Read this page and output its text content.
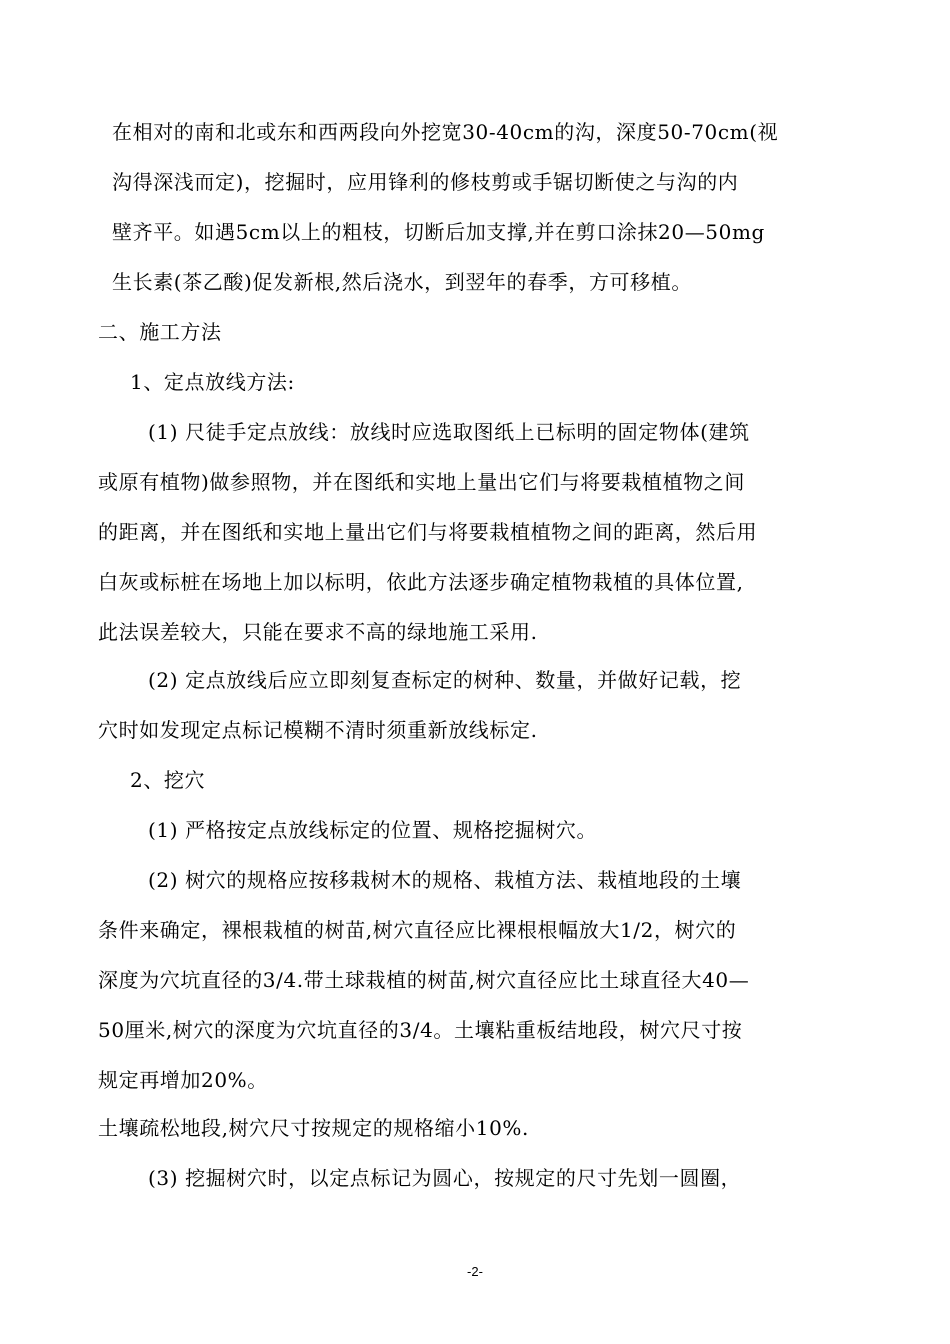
在相对的南和北或东和西两段向外挖宽30-40cm的沟，深度50-70cm(视
沟得深浅而定)，挖掘时，应用锋利的修枝剪或手锯切断使之与沟的内
壁齐平。如遇5cm以上的粗枝，切断后加支撑,并在剪口涂抹20—50mg
生长素(茶乙酸)促发新根,然后浇水，到翌年的春季，方可移植。
二、施工方法
1、定点放线方法:
(1) 尺徒手定点放线：放线时应选取图纸上已标明的固定物体(建筑
或原有植物)做参照物，并在图纸和实地上量出它们与将要栽植植物之间
的距离，并在图纸和实地上量出它们与将要栽植植物之间的距离，然后用
白灰或标桩在场地上加以标明，依此方法逐步确定植物栽植的具体位置,
此法误差较大，只能在要求不高的绿地施工采用.
(2) 定点放线后应立即刻复查标定的树种、数量，并做好记载，挖
穴时如发现定点标记模糊不清时须重新放线标定.
2、挖穴
(1) 严格按定点放线标定的位置、规格挖掘树穴。
(2) 树穴的规格应按移栽树木的规格、栽植方法、栽植地段的土壤
条件来确定，裸根栽植的树苗,树穴直径应比裸根根幅放大1/2，树穴的
深度为穴坑直径的3/4.带土球栽植的树苗,树穴直径应比土球直径大40—
50厘米,树穴的深度为穴坑直径的3/4。土壤粘重板结地段，树穴尺寸按
规定再增加20%。
土壤疏松地段,树穴尺寸按规定的规格缩小10%.
(3) 挖掘树穴时，以定点标记为圆心，按规定的尺寸先划一圆圈，
-2-
